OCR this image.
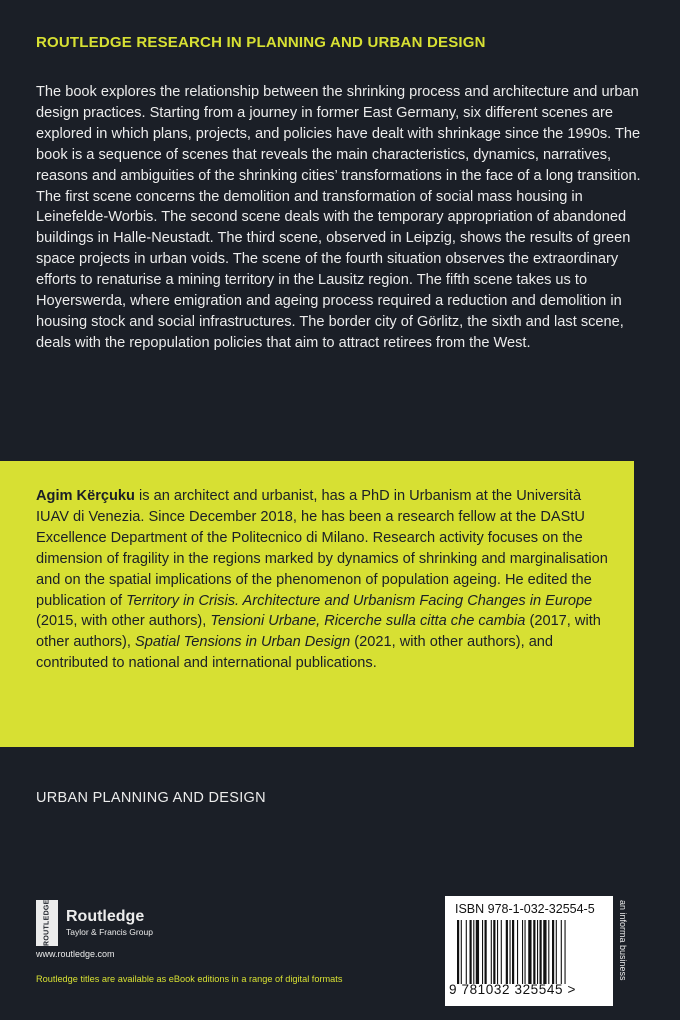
ROUTLEDGE RESEARCH IN PLANNING AND URBAN DESIGN

The book explores the relationship between the shrinking process and architecture and urban design practices. Starting from a journey in former East Germany, six different scenes are explored in which plans, projects, and policies have dealt with shrinkage since the 1990s. The book is a sequence of scenes that reveals the main characteristics, dynamics, narratives, reasons and ambiguities of the shrinking cities’ transformations in the face of a long transition. The first scene concerns the demolition and transformation of social mass housing in Leinefelde-Worbis. The second scene deals with the temporary appropriation of abandoned buildings in Halle-Neustadt. The third scene, observed in Leipzig, shows the results of green space projects in urban voids. The scene of the fourth situation observes the extraordinary efforts to renaturise a mining territory in the Lausitz region. The fifth scene takes us to Hoyerswerda, where emigration and ageing process required a reduction and demolition in housing stock and social infrastructures. The border city of Görlitz, the sixth and last scene, deals with the repopulation policies that aim to attract retirees from the West.

Agim Kërçuku is an architect and urbanist, has a PhD in Urbanism at the Università IUAV di Venezia. Since December 2018, he has been a research fellow at the DAStU Excellence Department of the Politecnico di Milano. Research activity focuses on the dimension of fragility in the regions marked by dynamics of shrinking and marginalisation and on the spatial implications of the phenomenon of population ageing. He edited the publication of Territory in Crisis. Architecture and Urbanism Facing Changes in Europe (2015, with other authors), Tensioni Urbane, Ricerche sulla citta che cambia (2017, with other authors), Spatial Tensions in Urban Design (2021, with other authors), and contributed to national and international publications.

URBAN PLANNING AND DESIGN
ROUTLEDGE Routledge
Taylor & Francis Group
www.routledge.com
Routledge titles are available as eBook editions in a range of digital formats
ISBN 978-1-032-32554-5
9 781032 325545 >
an informa business
